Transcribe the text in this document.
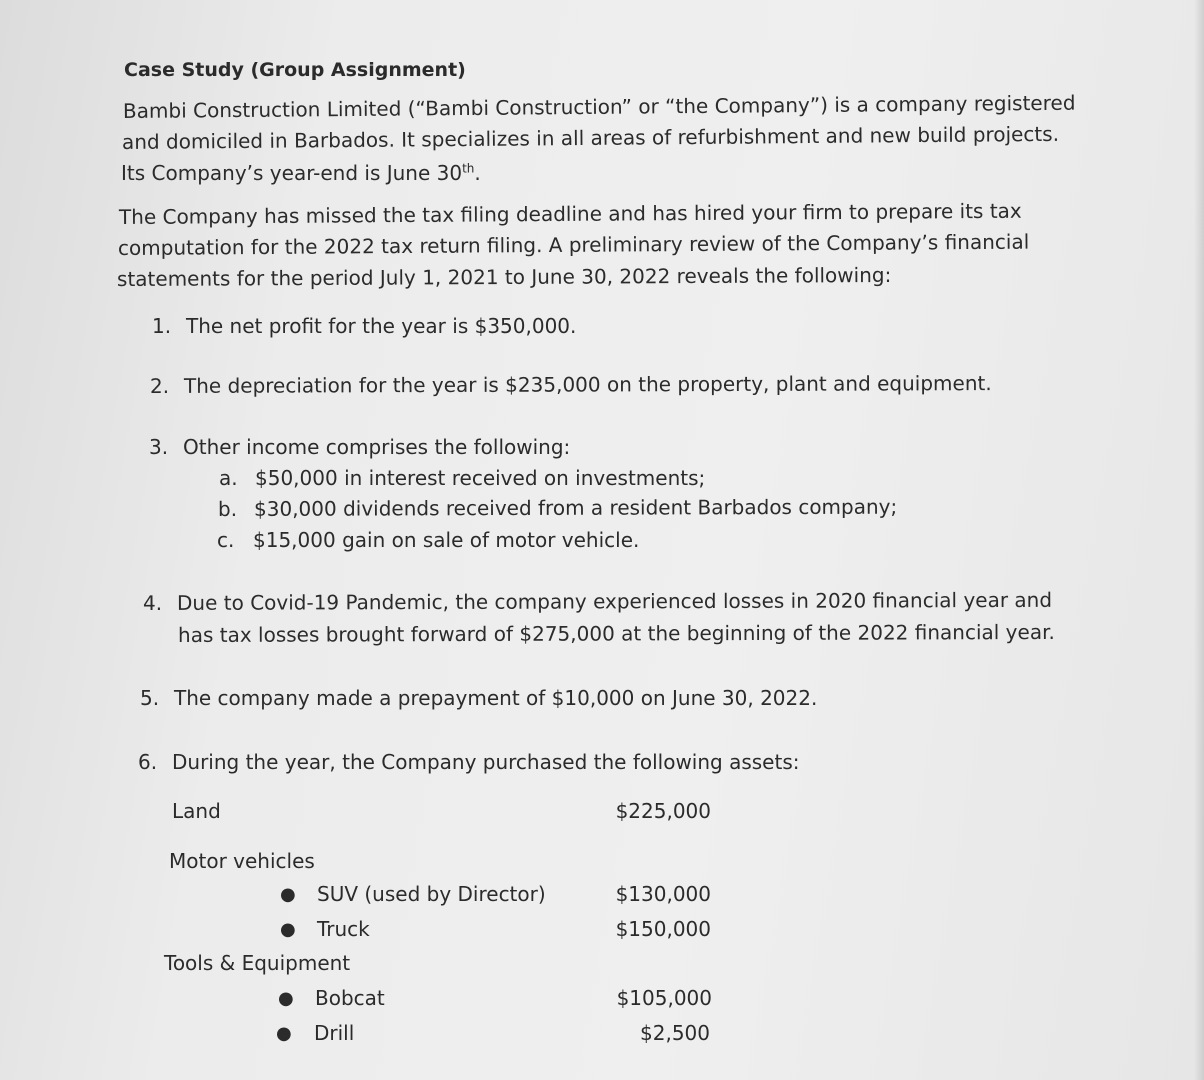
Case Study (Group Assignment)
Bambi Construction Limited (“Bambi Construction” or “the Company”) is a company registered
and domiciled in Barbados. It specializes in all areas of refurbishment and new build projects.
Its Company’s year-end is June 30th.
The Company has missed the tax filing deadline and has hired your firm to prepare its tax
computation for the 2022 tax return filing. A preliminary review of the Company’s financial
statements for the period July 1, 2021 to June 30, 2022 reveals the following:
1. The net profit for the year is $350,000.
2. The depreciation for the year is $235,000 on the property, plant and equipment.
3. Other income comprises the following:
a. $50,000 in interest received on investments;
b. $30,000 dividends received from a resident Barbados company;
c. $15,000 gain on sale of motor vehicle.
4. Due to Covid-19 Pandemic, the company experienced losses in 2020 financial year and
has tax losses brought forward of $275,000 at the beginning of the 2022 financial year.
5. The company made a prepayment of $10,000 on June 30, 2022.
6. During the year, the Company purchased the following assets:
Land	$225,000
Motor vehicles
● SUV (used by Director)	$130,000
● Truck	$150,000
Tools & Equipment
● Bobcat	$105,000
● Drill	$2,500
